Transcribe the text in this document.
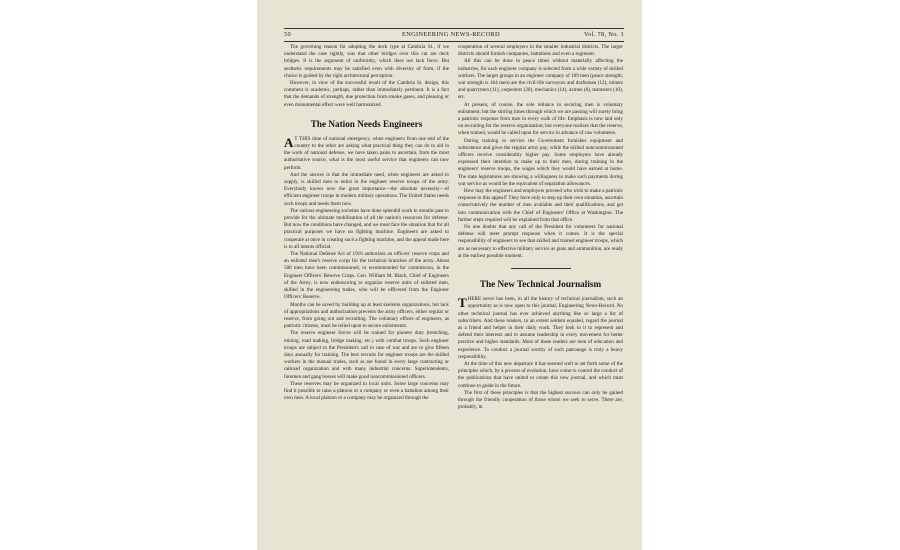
50	ENGINEERING NEWS-RECORD	Vol. 78, No. 1

The governing reason for adopting the deck type at Cambria St., if we understand the case rightly, was that other bridges over this cut are deck bridges. It is the argument of uniformity, which does not lack force. But aesthetic requirements may be satisfied even with diversity of form, if the choice is guided by the right architectural perception.

However, in view of the successful result of the Cambria St. design, this comment is academic, perhaps, rather than immediately pertinent. It is a fact that the demands of strength, due protection from smoke gases, and pleasing or even monumental effect were well harmonized.

The Nation Needs Engineers

A T THIS time of national emergency, when engineers from one end of the country to the other are asking what practical thing they can do to aid in the work of national defense, we have taken pains to ascertain, from the most authoritative source, what is the most useful service that engineers can now perform.

And the answer is that the immediate need, when engineers are asked to supply, is skilled men to enlist in the engineer reserve troops of the army. Everybody knows now the great importance—the absolute necessity—of efficient engineer troops in modern military operations. The United States needs such troops and needs them now.

The various engineering societies have done splendid work in months past to provide for the ultimate mobilization of all the nation's resources for defense. But now the conditions have changed, and we must face the situation that for all practical purposes we have no fighting machine. Engineers are asked to cooperate at once in creating such a fighting machine, and the appeal made here is to all intents official.

The National Defense Act of 1916 authorizes an officers' reserve corps and an enlisted men's reserve corps for the technical branches of the army. About 500 men have been commissioned, or recommended for commission, in the Engineer Officers' Reserve Corps. Gen. William M. Black, Chief of Engineers of the Army, is now endeavoring to organize reserve units of enlisted men, skilled in the engineering trades, who will be officered from the Engineer Officers' Reserve.

Months can be saved by building up at least skeleton organizations, but lack of appropriations and authorization prevents the army officers, either regular or reserve, from going out and recruiting. The voluntary efforts of engineers, as patriotic citizens, must be relied upon to secure enlistments.

The reserve engineer forces will be trained for pioneer duty (trenching, mining, road making, bridge making, etc.) with combat troops. Such engineer troops are subject to the President's call in case of war and are to give fifteen days annually for training. The best recruits for engineer troops are the skilled workers in the manual trades, such as are found in every large contracting or railroad organization and with many industrial concerns. Superintendents, foremen and gang bosses will make good noncommissioned officers.

These reserves may be organized in local units. Some large concerns may find it possible to raise a platoon or a company or even a battalion among their own men. A local platoon or a company may be organized through the

cooperation of several employers in the smaller industrial districts. The larger districts should furnish companies, battalions and even a regiment.

All this can be done in peace times without materially affecting the industries, for each engineer company is selected from a wide variety of skilled workers. The larger groups in an engineer company of 109 men (peace strength; war strength is 164 men) are the civil-life surveyors and draftsmen (12), miners and quarrymen (11), carpenters (20), mechanics (14), axmen (8), teamsters (10), etc.

At present, of course, the sole reliance in securing men is voluntary enlistment; but the stirring times through which we are passing will surely bring a patriotic response from men in every walk of life. Emphasis is now laid only on recruiting for the reserve organization; but everyone realizes that the reserve, when trained, would be called upon for service in advance of raw volunteers.

During training or service the Government furnishes equipment and subsistence and gives the regular army pay, while the skilled noncommissioned officers receive considerably higher pay. Some employers have already expressed their intention to make up to their men, during training in the engineers' reserve troops, the wages which they would have earned at home. The state legislatures are showing a willingness to make such payments during war service as would be the equivalent of separation allowances.

How may the engineers and employers proceed who wish to make a patriotic response to this appeal? They have only to step up their own situation, ascertain conservatively the number of men available and their qualifications, and get into communication with the Chief of Engineers' Office at Washington. The further steps required will be explained from that office.

No one doubts that any call of the President for volunteers for national defense will meet prompt response when it comes. It is the special responsibility of engineers to see that skilled and trained engineer troops, which are as necessary to effective military service as guns and ammunition, are ready at the earliest possible moment.

The New Technical Journalism

THERE never has been, in all the history of technical journalism, such an opportunity as is now open to this journal, Engineering News-Record. No other technical journal has ever achieved anything like so large a list of subscribers. And these readers, to an extent seldom equaled, regard the journal as a friend and helper in their daily work. They look to it to represent and defend their interests and to assume leadership in every movement for better practice and higher standards. Most of these readers are men of education and experience. To conduct a journal worthy of such patronage is truly a heavy responsibility.

At the time of this new departure it has seemed well to set forth some of the principles which, by a process of evolution, have come to control the conduct of the publications that have united to create this new journal, and which must continue to guide in the future.

The first of these principles is that the highest success can only be gained through the friendly cooperation of those whom we seek to serve. There are, probably, in
